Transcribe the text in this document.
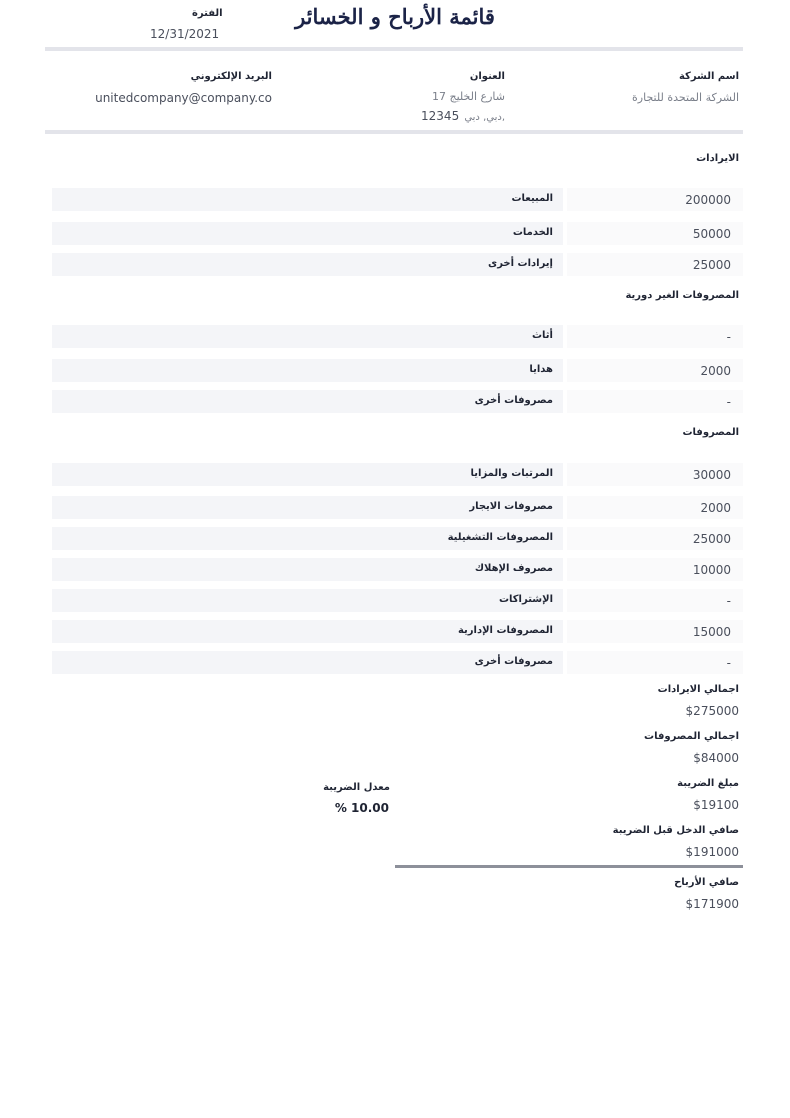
قائمة الأرباح و الخسائر
الفترة
12/31/2021
اسم الشركة
الشركة المتحدة للتجارة
العنوان
شارع الخليج 17
12345 دبي, دبي,
البريد الإلكتروني
unitedcompany@company.co
الايرادات
المبيعات	200000
الخدمات	50000
إيرادات أخرى	25000
المصروفات الغير دورية
أثاث	-
هدايا	2000
مصروفات أخرى	-
المصروفات
المرتبات والمزايا	30000
مصروفات الايجار	2000
المصروفات التشغيلية	25000
مصروف الإهلاك	10000
الإشتراكات	-
المصروفات الإدارية	15000
مصروفات أخرى	-
اجمالي الايرادات
$275000
اجمالي المصروفات
$84000
مبلغ الضريبة
$19100
معدل الضريبة
% 10.00
صافي الدخل قبل الضريبة
$191000
صافي الأرباح
$171900
